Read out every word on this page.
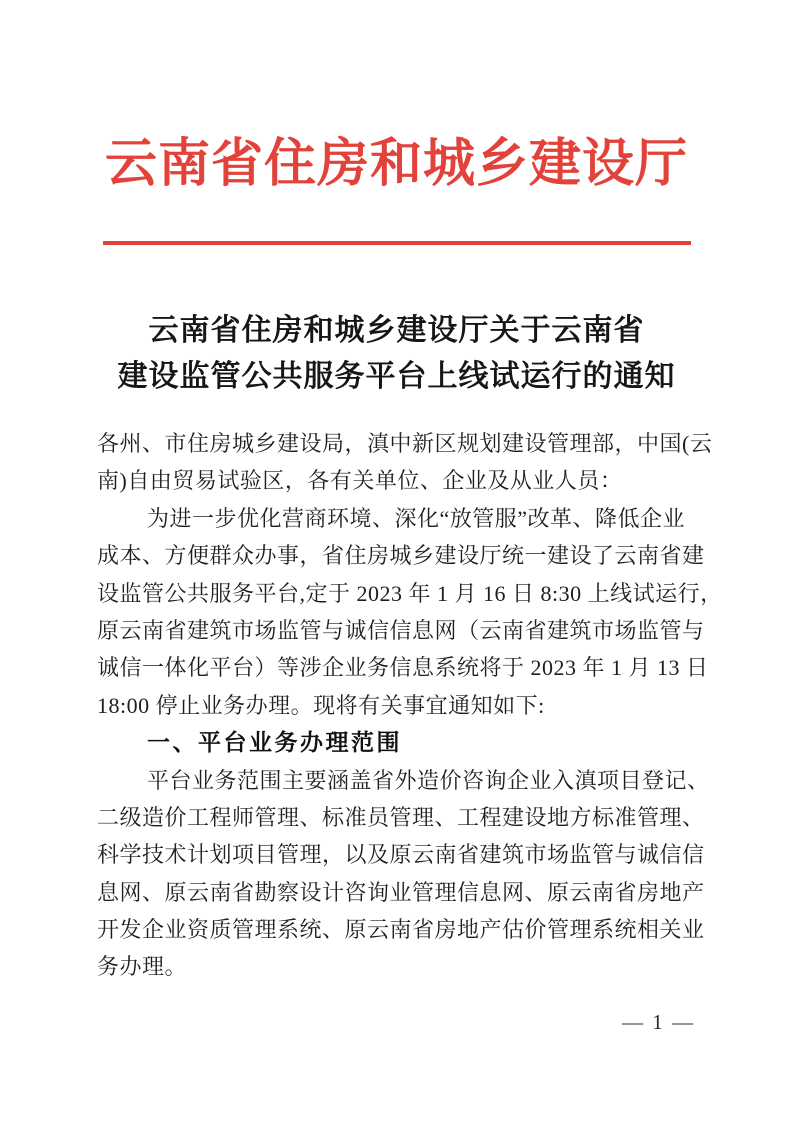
云南省住房和城乡建设厅
云南省住房和城乡建设厅关于云南省
建设监管公共服务平台上线试运行的通知
各州、市住房城乡建设局，滇中新区规划建设管理部，中国(云
南)自由贸易试验区，各有关单位、企业及从业人员：
为进一步优化营商环境、深化“放管服”改革、降低企业
成本、方便群众办事，省住房城乡建设厅统一建设了云南省建
设监管公共服务平台,定于 2023 年 1 月 16 日 8:30 上线试运行，
原云南省建筑市场监管与诚信信息网（云南省建筑市场监管与
诚信一体化平台）等涉企业务信息系统将于 2023 年 1 月 13 日
18:00 停止业务办理。现将有关事宜通知如下:
一、平台业务办理范围
平台业务范围主要涵盖省外造价咨询企业入滇项目登记、
二级造价工程师管理、标准员管理、工程建设地方标准管理、
科学技术计划项目管理，以及原云南省建筑市场监管与诚信信
息网、原云南省勘察设计咨询业管理信息网、原云南省房地产
开发企业资质管理系统、原云南省房地产估价管理系统相关业
务办理。
— 1 —
